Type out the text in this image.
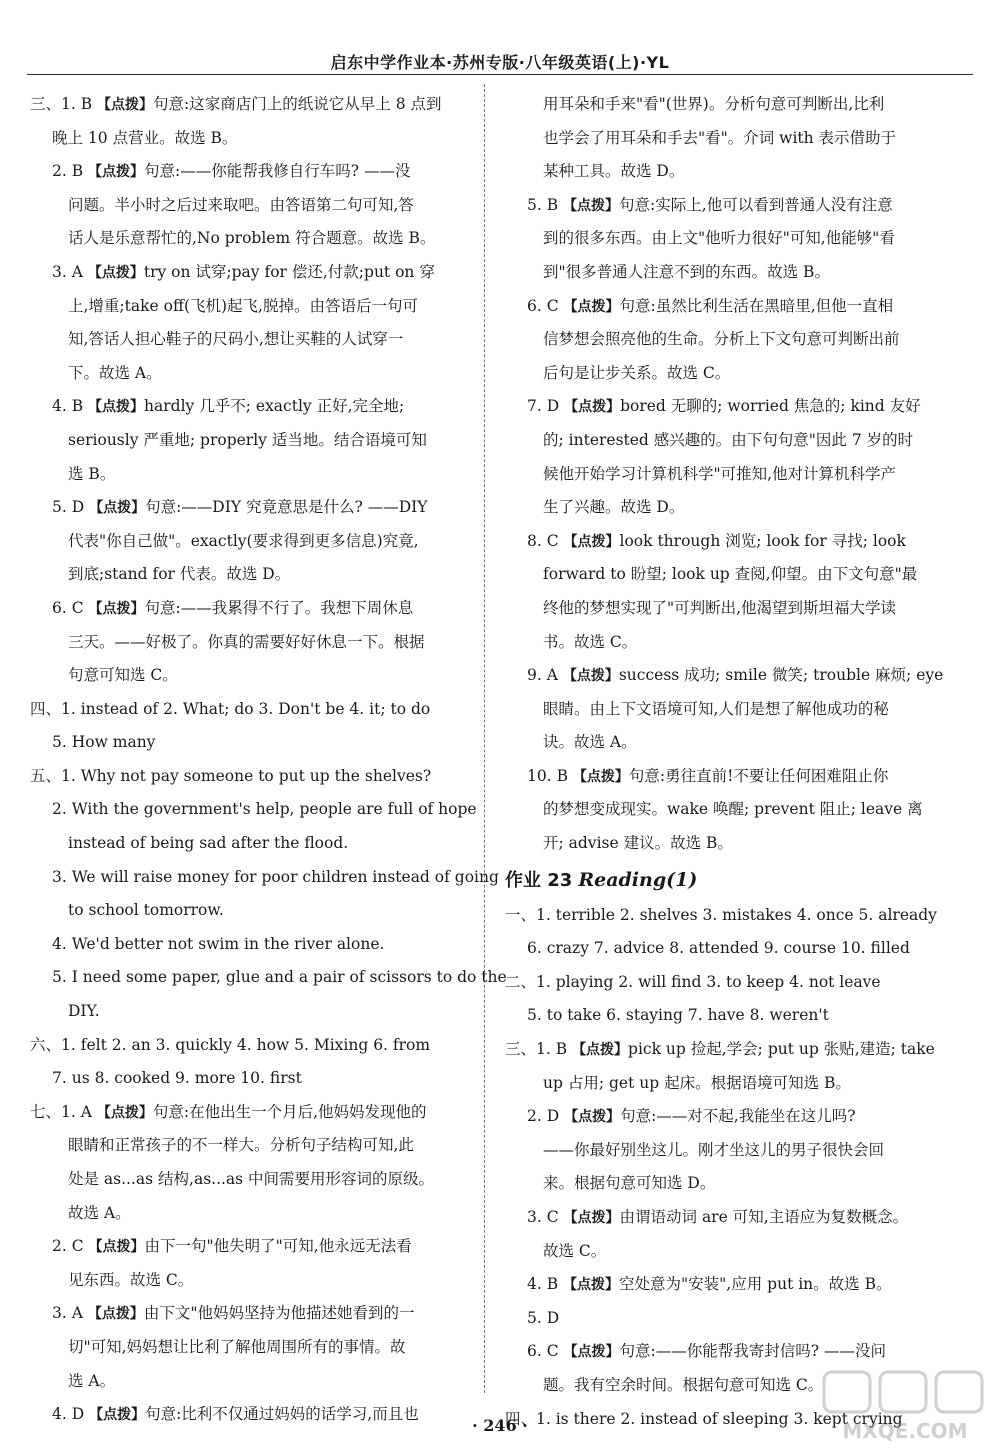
启东中学作业本·苏州专版·八年级英语(上)·YL
三、1. B 【点拨】句意:这家商店门上的纸说它从早上 8 点到
晚上 10 点营业。故选 B。
2. B 【点拨】句意:——你能帮我修自行车吗? ——没
问题。半小时之后过来取吧。由答语第二句可知,答
话人是乐意帮忙的,No problem 符合题意。故选 B。
3. A 【点拨】try on 试穿;pay for 偿还,付款;put on 穿
上,增重;take off(飞机)起飞,脱掉。由答语后一句可
知,答话人担心鞋子的尺码小,想让买鞋的人试穿一
下。故选 A。
4. B 【点拨】hardly 几乎不; exactly 正好,完全地;
seriously 严重地; properly 适当地。结合语境可知
选 B。
5. D 【点拨】句意:——DIY 究竟意思是什么? ——DIY
代表"你自己做"。exactly(要求得到更多信息)究竟,
到底;stand for 代表。故选 D。
6. C 【点拨】句意:——我累得不行了。我想下周休息
三天。——好极了。你真的需要好好休息一下。根据
句意可知选 C。
四、1. instead of 2. What; do 3. Don't be 4. it; to do
5. How many
五、1. Why not pay someone to put up the shelves?
2. With the government's help, people are full of hope
instead of being sad after the flood.
3. We will raise money for poor children instead of going
to school tomorrow.
4. We'd better not swim in the river alone.
5. I need some paper, glue and a pair of scissors to do the
DIY.
六、1. felt 2. an 3. quickly 4. how 5. Mixing 6. from
7. us 8. cooked 9. more 10. first
七、1. A 【点拨】句意:在他出生一个月后,他妈妈发现他的
眼睛和正常孩子的不一样大。分析句子结构可知,此
处是 as...as 结构,as...as 中间需要用形容词的原级。
故选 A。
2. C 【点拨】由下一句"他失明了"可知,他永远无法看
见东西。故选 C。
3. A 【点拨】由下文"他妈妈坚持为他描述她看到的一
切"可知,妈妈想让比利了解他周围所有的事情。故
选 A。
4. D 【点拨】句意:比利不仅通过妈妈的话学习,而且也
用耳朵和手来"看"(世界)。分析句意可判断出,比利
也学会了用耳朵和手去"看"。介词 with 表示借助于
某种工具。故选 D。
5. B 【点拨】句意:实际上,他可以看到普通人没有注意
到的很多东西。由上文"他听力很好"可知,他能够"看
到"很多普通人注意不到的东西。故选 B。
6. C 【点拨】句意:虽然比利生活在黑暗里,但他一直相
信梦想会照亮他的生命。分析上下文句意可判断出前
后句是让步关系。故选 C。
7. D 【点拨】bored 无聊的; worried 焦急的; kind 友好
的; interested 感兴趣的。由下句句意"因此 7 岁的时
候他开始学习计算机科学"可推知,他对计算机科学产
生了兴趣。故选 D。
8. C 【点拨】look through 浏览; look for 寻找; look
forward to 盼望; look up 查阅,仰望。由下文句意"最
终他的梦想实现了"可判断出,他渴望到斯坦福大学读
书。故选 C。
9. A 【点拨】success 成功; smile 微笑; trouble 麻烦; eye
眼睛。由上下文语境可知,人们是想了解他成功的秘
诀。故选 A。
10. B 【点拨】句意:勇往直前!不要让任何困难阻止你
的梦想变成现实。wake 唤醒; prevent 阻止; leave 离
开; advise 建议。故选 B。
作业 23 Reading(1)
一、1. terrible 2. shelves 3. mistakes 4. once 5. already
6. crazy 7. advice 8. attended 9. course 10. filled
二、1. playing 2. will find 3. to keep 4. not leave
5. to take 6. staying 7. have 8. weren't
三、1. B 【点拨】pick up 捡起,学会; put up 张贴,建造; take
up 占用; get up 起床。根据语境可知选 B。
2. D 【点拨】句意:——对不起,我能坐在这儿吗?
——你最好别坐这儿。刚才坐这儿的男子很快会回
来。根据句意可知选 D。
3. C 【点拨】由谓语动词 are 可知,主语应为复数概念。
故选 C。
4. B 【点拨】空处意为"安装",应用 put in。故选 B。
5. D
6. C 【点拨】句意:——你能帮我寄封信吗? ——没问
题。我有空余时间。根据句意可知选 C。
四、1. is there 2. instead of sleeping 3. kept crying
· 246 ·	MXQE.COM
